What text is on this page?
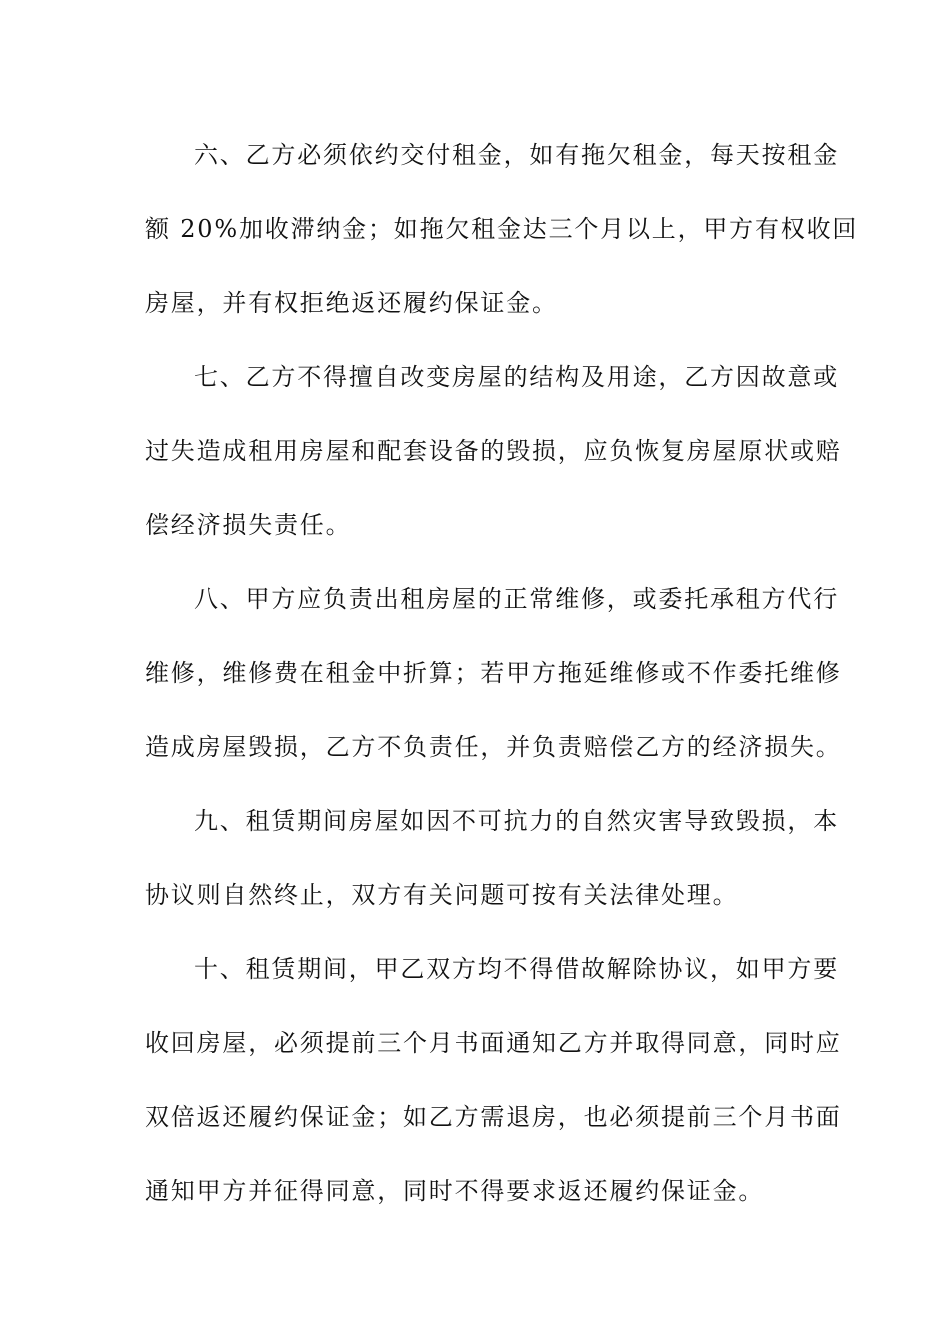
六、乙方必须依约交付租金，如有拖欠租金，每天按租金
额 20%加收滞纳金；如拖欠租金达三个月以上，甲方有权收回
房屋，并有权拒绝返还履约保证金。
七、乙方不得擅自改变房屋的结构及用途，乙方因故意或
过失造成租用房屋和配套设备的毁损，应负恢复房屋原状或赔
偿经济损失责任。
八、甲方应负责出租房屋的正常维修，或委托承租方代行
维修，维修费在租金中折算；若甲方拖延维修或不作委托维修
造成房屋毁损，乙方不负责任，并负责赔偿乙方的经济损失。
九、租赁期间房屋如因不可抗力的自然灾害导致毁损，本
协议则自然终止，双方有关问题可按有关法律处理。
十、租赁期间，甲乙双方均不得借故解除协议，如甲方要
收回房屋，必须提前三个月书面通知乙方并取得同意，同时应
双倍返还履约保证金；如乙方需退房，也必须提前三个月书面
通知甲方并征得同意，同时不得要求返还履约保证金。
